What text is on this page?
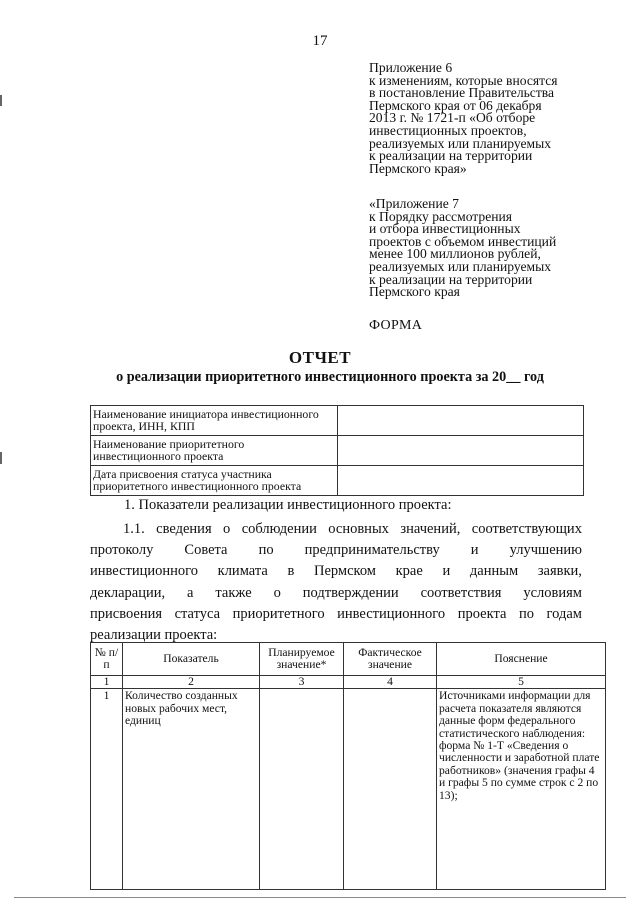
17
Приложение 6
к изменениям, которые вносятся
в постановление Правительства
Пермского края от 06 декабря
2013 г. № 1721-п «Об отборе
инвестиционных проектов,
реализуемых или планируемых
к реализации на территории
Пермского края»
«Приложение 7
к Порядку рассмотрения
и отбора инвестиционных
проектов с объемом инвестиций
менее 100 миллионов рублей,
реализуемых или планируемых
к реализации на территории
Пермского края
ФОРМА
ОТЧЕТ
о реализации приоритетного инвестиционного проекта за 20__ год
Наименование инициатора инвестиционного проекта, ИНН, КПП	
Наименование приоритетного инвестиционного проекта	
Дата присвоения статуса участника приоритетного инвестиционного проекта	
1. Показатели реализации инвестиционного проекта:
1.1. сведения о соблюдении основных значений, соответствующих
протоколу Совета по предпринимательству и улучшению
инвестиционного климата в Пермском крае и данным заявки,
декларации, а также о подтверждении соответствия условиям
присвоения статуса приоритетного инвестиционного проекта по годам
реализации проекта:
№ п/п	Показатель	Планируемое значение*	Фактическое значение	Пояснение
1	2	3	4	5
1	Количество созданных новых рабочих мест, единиц			Источниками информации для расчета показателя являются данные форм федерального статистического наблюдения: форма № 1-Т «Сведения о численности и заработной плате работников» (значения графы 4 и графы 5 по сумме строк с 2 по 13);
